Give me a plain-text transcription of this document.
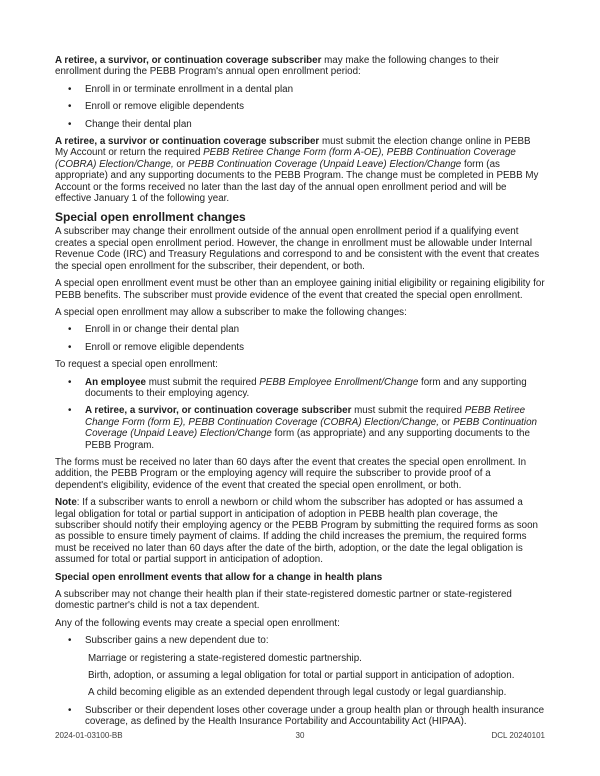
A retiree, a survivor, or continuation coverage subscriber may make the following changes to their enrollment during the PEBB Program's annual open enrollment period:
•	Enroll in or terminate enrollment in a dental plan
•	Enroll or remove eligible dependents
•	Change their dental plan
A retiree, a survivor or continuation coverage subscriber must submit the election change online in PEBB My Account or return the required PEBB Retiree Change Form (form A-OE), PEBB Continuation Coverage (COBRA) Election/Change, or PEBB Continuation Coverage (Unpaid Leave) Election/Change form (as appropriate) and any supporting documents to the PEBB Program. The change must be completed in PEBB My Account or the forms received no later than the last day of the annual open enrollment period and will be effective January 1 of the following year.
Special open enrollment changes
A subscriber may change their enrollment outside of the annual open enrollment period if a qualifying event creates a special open enrollment period. However, the change in enrollment must be allowable under Internal Revenue Code (IRC) and Treasury Regulations and correspond to and be consistent with the event that creates the special open enrollment for the subscriber, their dependent, or both.
A special open enrollment event must be other than an employee gaining initial eligibility or regaining eligibility for PEBB benefits. The subscriber must provide evidence of the event that created the special open enrollment.
A special open enrollment may allow a subscriber to make the following changes:
•	Enroll in or change their dental plan
•	Enroll or remove eligible dependents
To request a special open enrollment:
•	An employee must submit the required PEBB Employee Enrollment/Change form and any supporting documents to their employing agency.
•	A retiree, a survivor, or continuation coverage subscriber must submit the required PEBB Retiree Change Form (form E), PEBB Continuation Coverage (COBRA) Election/Change, or PEBB Continuation Coverage (Unpaid Leave) Election/Change form (as appropriate) and any supporting documents to the PEBB Program.
The forms must be received no later than 60 days after the event that creates the special open enrollment. In addition, the PEBB Program or the employing agency will require the subscriber to provide proof of a dependent's eligibility, evidence of the event that created the special open enrollment, or both.
Note: If a subscriber wants to enroll a newborn or child whom the subscriber has adopted or has assumed a legal obligation for total or partial support in anticipation of adoption in PEBB health plan coverage, the subscriber should notify their employing agency or the PEBB Program by submitting the required forms as soon as possible to ensure timely payment of claims. If adding the child increases the premium, the required forms must be received no later than 60 days after the date of the birth, adoption, or the date the legal obligation is assumed for total or partial support in anticipation of adoption.
Special open enrollment events that allow for a change in health plans
A subscriber may not change their health plan if their state-registered domestic partner or state-registered domestic partner's child is not a tax dependent.
Any of the following events may create a special open enrollment:
•	Subscriber gains a new dependent due to:
Marriage or registering a state-registered domestic partnership.
Birth, adoption, or assuming a legal obligation for total or partial support in anticipation of adoption.
A child becoming eligible as an extended dependent through legal custody or legal guardianship.
•	Subscriber or their dependent loses other coverage under a group health plan or through health insurance coverage, as defined by the Health Insurance Portability and Accountability Act (HIPAA).
2024-01-03100-BB	30	DCL 20240101
